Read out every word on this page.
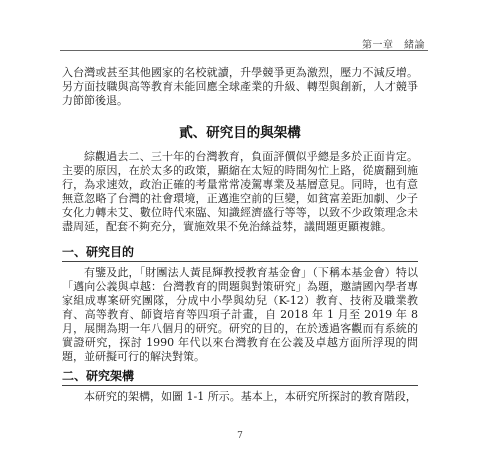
第一章　緒論

入台灣或甚至其他國家的名校就讀，升學競爭更為激烈，壓力不減反增。另方面技職與高等教育未能回應全球產業的升級、轉型與創新，人才競爭力節節後退。

貳、研究目的與架構

綜觀過去二、三十年的台灣教育，負面評價似乎總是多於正面肯定。主要的原因，在於太多的政策，顯縮在太短的時間匆忙上路，從廣翻到施行，為求速效，政治正確的考量常常凌駕專業及基層意見。同時，也有意無意忽略了台灣的社會環境，正邁進空前的巨變，如貧富差距加劇、少子女化力轉未艾、數位時代來臨、知識經濟盛行等等，以致不少政策理念未盡周延，配套不夠充分，實施效果不免治絲益棼，議間題更顯複雜。

一、研究目的

有鑒及此，「財團法人黃昆輝教授教育基金會」（下稱本基金會）特以「邁向公義與卓越：台灣教育的問題與對策研究」為題，邀請國內學者專家組成專案研究團隊，分成中小學與幼兒（K-12）教育、技術及職業教育、高等教育、師資培育等四項子計畫，自 2018 年 1 月至 2019 年 8 月，展開為期一年八個月的研究。研究的目的，在於透過客觀而有系統的實證研究，探討 1990 年代以來台灣教育在公義及卓越方面所浮現的問題，並研擬可行的解決對策。

二、研究架構

本研究的架構，如圖 1-1 所示。基本上，本研究所探討的教育階段，

7
